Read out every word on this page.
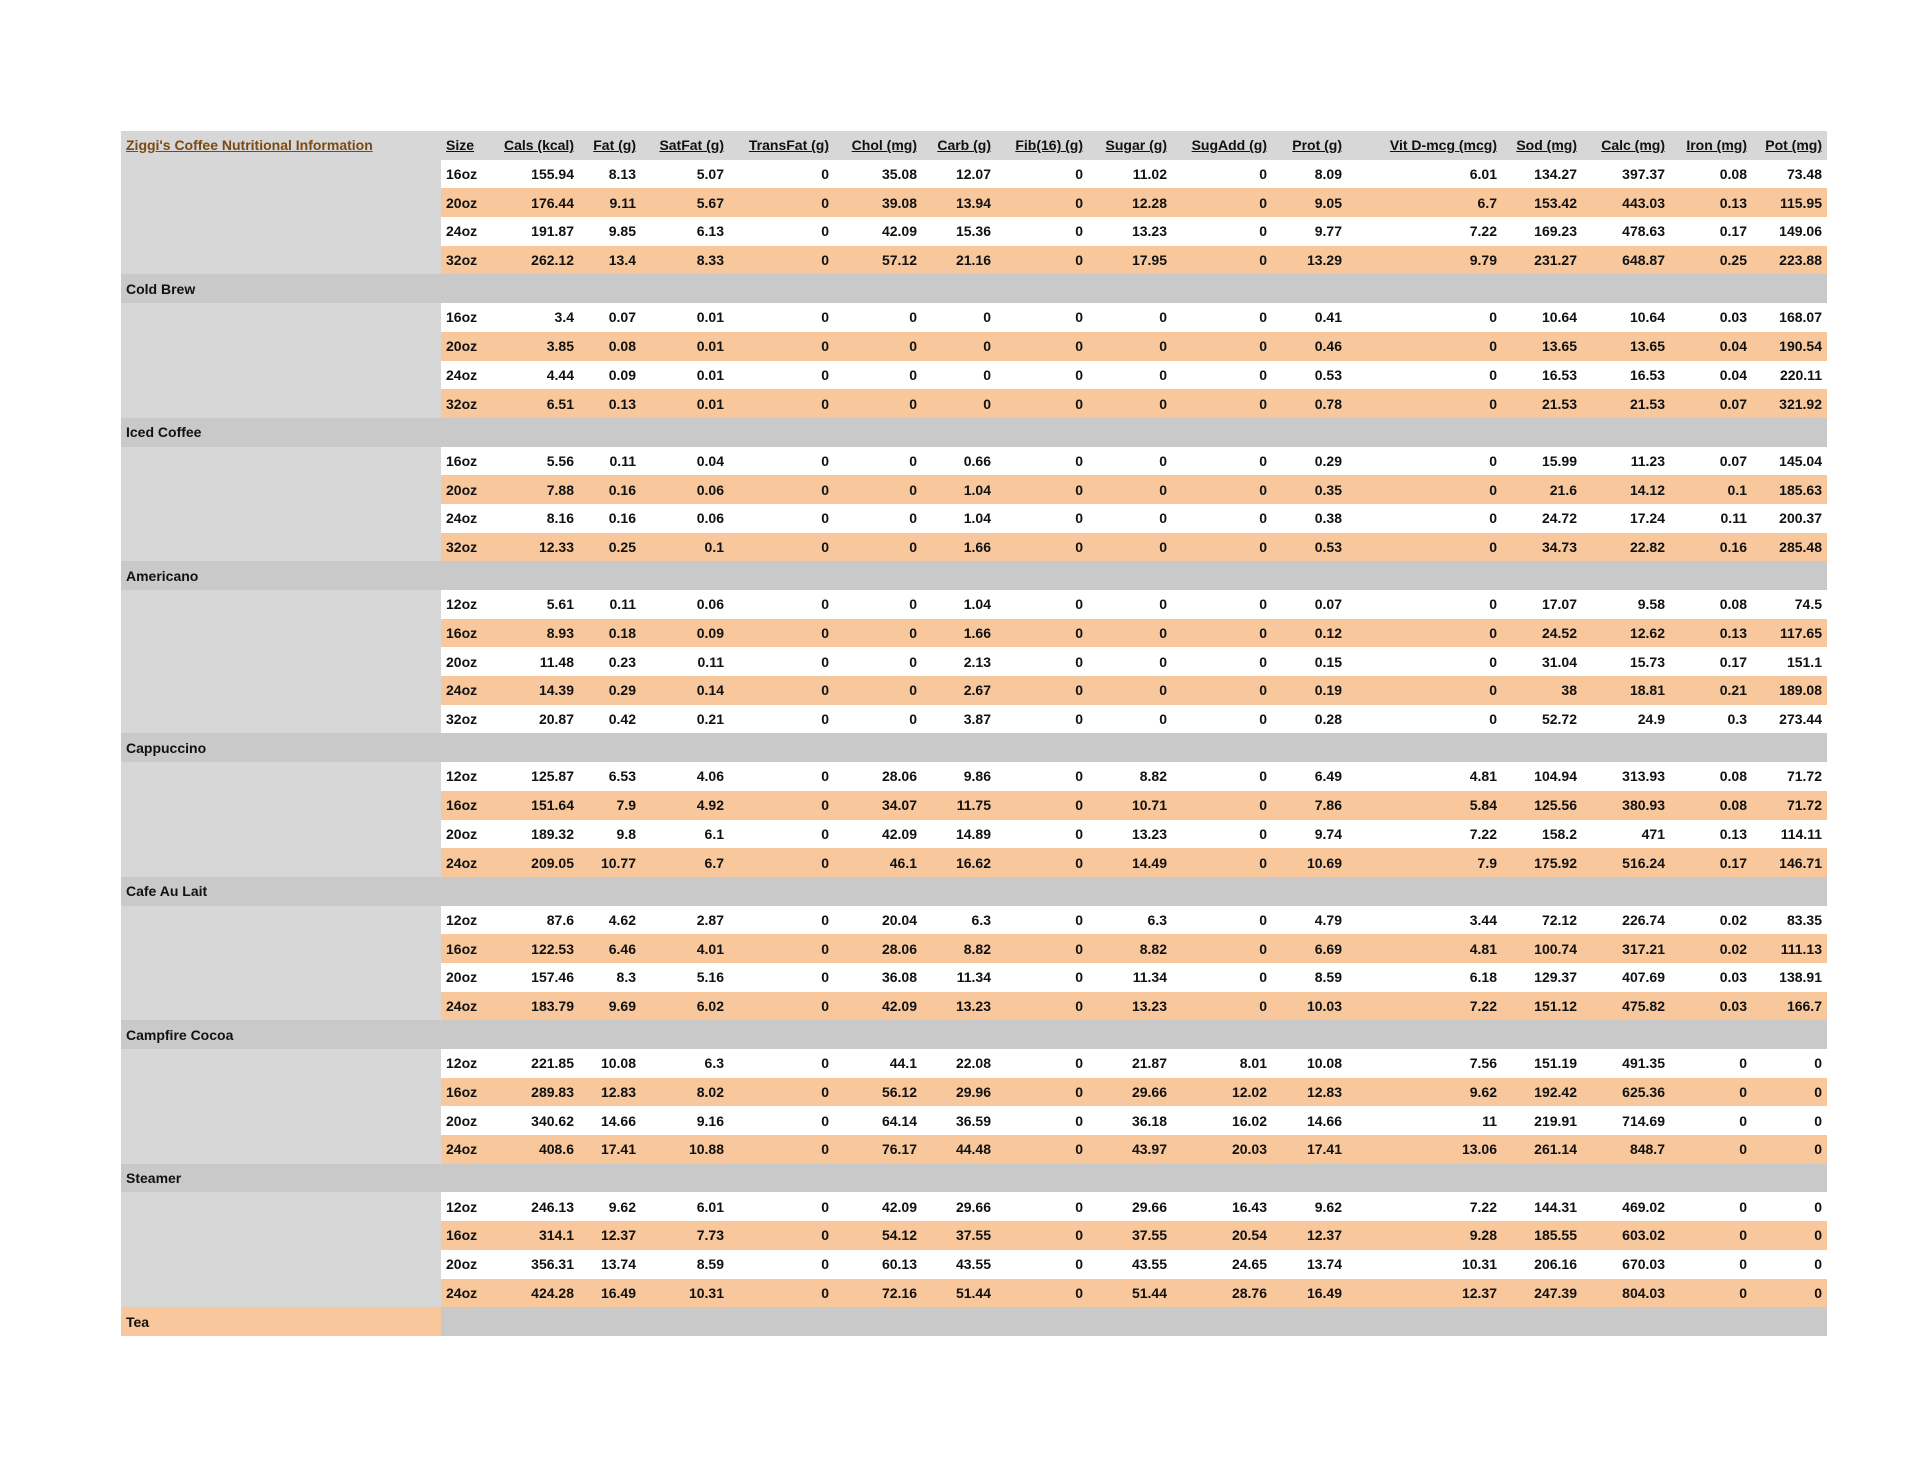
Ziggi's Coffee Nutritional Information	Size	Cals (kcal)	Fat (g)	SatFat (g)	TransFat (g)	Chol (mg)	Carb (g)	Fib(16) (g)	Sugar (g)	SugAdd (g)	Prot (g)	Vit D-mcg (mcg)	Sod (mg)	Calc (mg)	Iron (mg)	Pot (mg)
	16oz	155.94	8.13	5.07	0	35.08	12.07	0	11.02	0	8.09	6.01	134.27	397.37	0.08	73.48
	20oz	176.44	9.11	5.67	0	39.08	13.94	0	12.28	0	9.05	6.7	153.42	443.03	0.13	115.95
	24oz	191.87	9.85	6.13	0	42.09	15.36	0	13.23	0	9.77	7.22	169.23	478.63	0.17	149.06
	32oz	262.12	13.4	8.33	0	57.12	21.16	0	17.95	0	13.29	9.79	231.27	648.87	0.25	223.88
Cold Brew																
	16oz	3.4	0.07	0.01	0	0	0	0	0	0	0.41	0	10.64	10.64	0.03	168.07
	20oz	3.85	0.08	0.01	0	0	0	0	0	0	0.46	0	13.65	13.65	0.04	190.54
	24oz	4.44	0.09	0.01	0	0	0	0	0	0	0.53	0	16.53	16.53	0.04	220.11
	32oz	6.51	0.13	0.01	0	0	0	0	0	0	0.78	0	21.53	21.53	0.07	321.92
Iced Coffee																
	16oz	5.56	0.11	0.04	0	0	0.66	0	0	0	0.29	0	15.99	11.23	0.07	145.04
	20oz	7.88	0.16	0.06	0	0	1.04	0	0	0	0.35	0	21.6	14.12	0.1	185.63
	24oz	8.16	0.16	0.06	0	0	1.04	0	0	0	0.38	0	24.72	17.24	0.11	200.37
	32oz	12.33	0.25	0.1	0	0	1.66	0	0	0	0.53	0	34.73	22.82	0.16	285.48
Americano																
	12oz	5.61	0.11	0.06	0	0	1.04	0	0	0	0.07	0	17.07	9.58	0.08	74.5
	16oz	8.93	0.18	0.09	0	0	1.66	0	0	0	0.12	0	24.52	12.62	0.13	117.65
	20oz	11.48	0.23	0.11	0	0	2.13	0	0	0	0.15	0	31.04	15.73	0.17	151.1
	24oz	14.39	0.29	0.14	0	0	2.67	0	0	0	0.19	0	38	18.81	0.21	189.08
	32oz	20.87	0.42	0.21	0	0	3.87	0	0	0	0.28	0	52.72	24.9	0.3	273.44
Cappuccino																
	12oz	125.87	6.53	4.06	0	28.06	9.86	0	8.82	0	6.49	4.81	104.94	313.93	0.08	71.72
	16oz	151.64	7.9	4.92	0	34.07	11.75	0	10.71	0	7.86	5.84	125.56	380.93	0.08	71.72
	20oz	189.32	9.8	6.1	0	42.09	14.89	0	13.23	0	9.74	7.22	158.2	471	0.13	114.11
	24oz	209.05	10.77	6.7	0	46.1	16.62	0	14.49	0	10.69	7.9	175.92	516.24	0.17	146.71
Cafe Au Lait																
	12oz	87.6	4.62	2.87	0	20.04	6.3	0	6.3	0	4.79	3.44	72.12	226.74	0.02	83.35
	16oz	122.53	6.46	4.01	0	28.06	8.82	0	8.82	0	6.69	4.81	100.74	317.21	0.02	111.13
	20oz	157.46	8.3	5.16	0	36.08	11.34	0	11.34	0	8.59	6.18	129.37	407.69	0.03	138.91
	24oz	183.79	9.69	6.02	0	42.09	13.23	0	13.23	0	10.03	7.22	151.12	475.82	0.03	166.7
Campfire Cocoa																
	12oz	221.85	10.08	6.3	0	44.1	22.08	0	21.87	8.01	10.08	7.56	151.19	491.35	0	0
	16oz	289.83	12.83	8.02	0	56.12	29.96	0	29.66	12.02	12.83	9.62	192.42	625.36	0	0
	20oz	340.62	14.66	9.16	0	64.14	36.59	0	36.18	16.02	14.66	11	219.91	714.69	0	0
	24oz	408.6	17.41	10.88	0	76.17	44.48	0	43.97	20.03	17.41	13.06	261.14	848.7	0	0
Steamer																
	12oz	246.13	9.62	6.01	0	42.09	29.66	0	29.66	16.43	9.62	7.22	144.31	469.02	0	0
	16oz	314.1	12.37	7.73	0	54.12	37.55	0	37.55	20.54	12.37	9.28	185.55	603.02	0	0
	20oz	356.31	13.74	8.59	0	60.13	43.55	0	43.55	24.65	13.74	10.31	206.16	670.03	0	0
	24oz	424.28	16.49	10.31	0	72.16	51.44	0	51.44	28.76	16.49	12.37	247.39	804.03	0	0
Tea																
